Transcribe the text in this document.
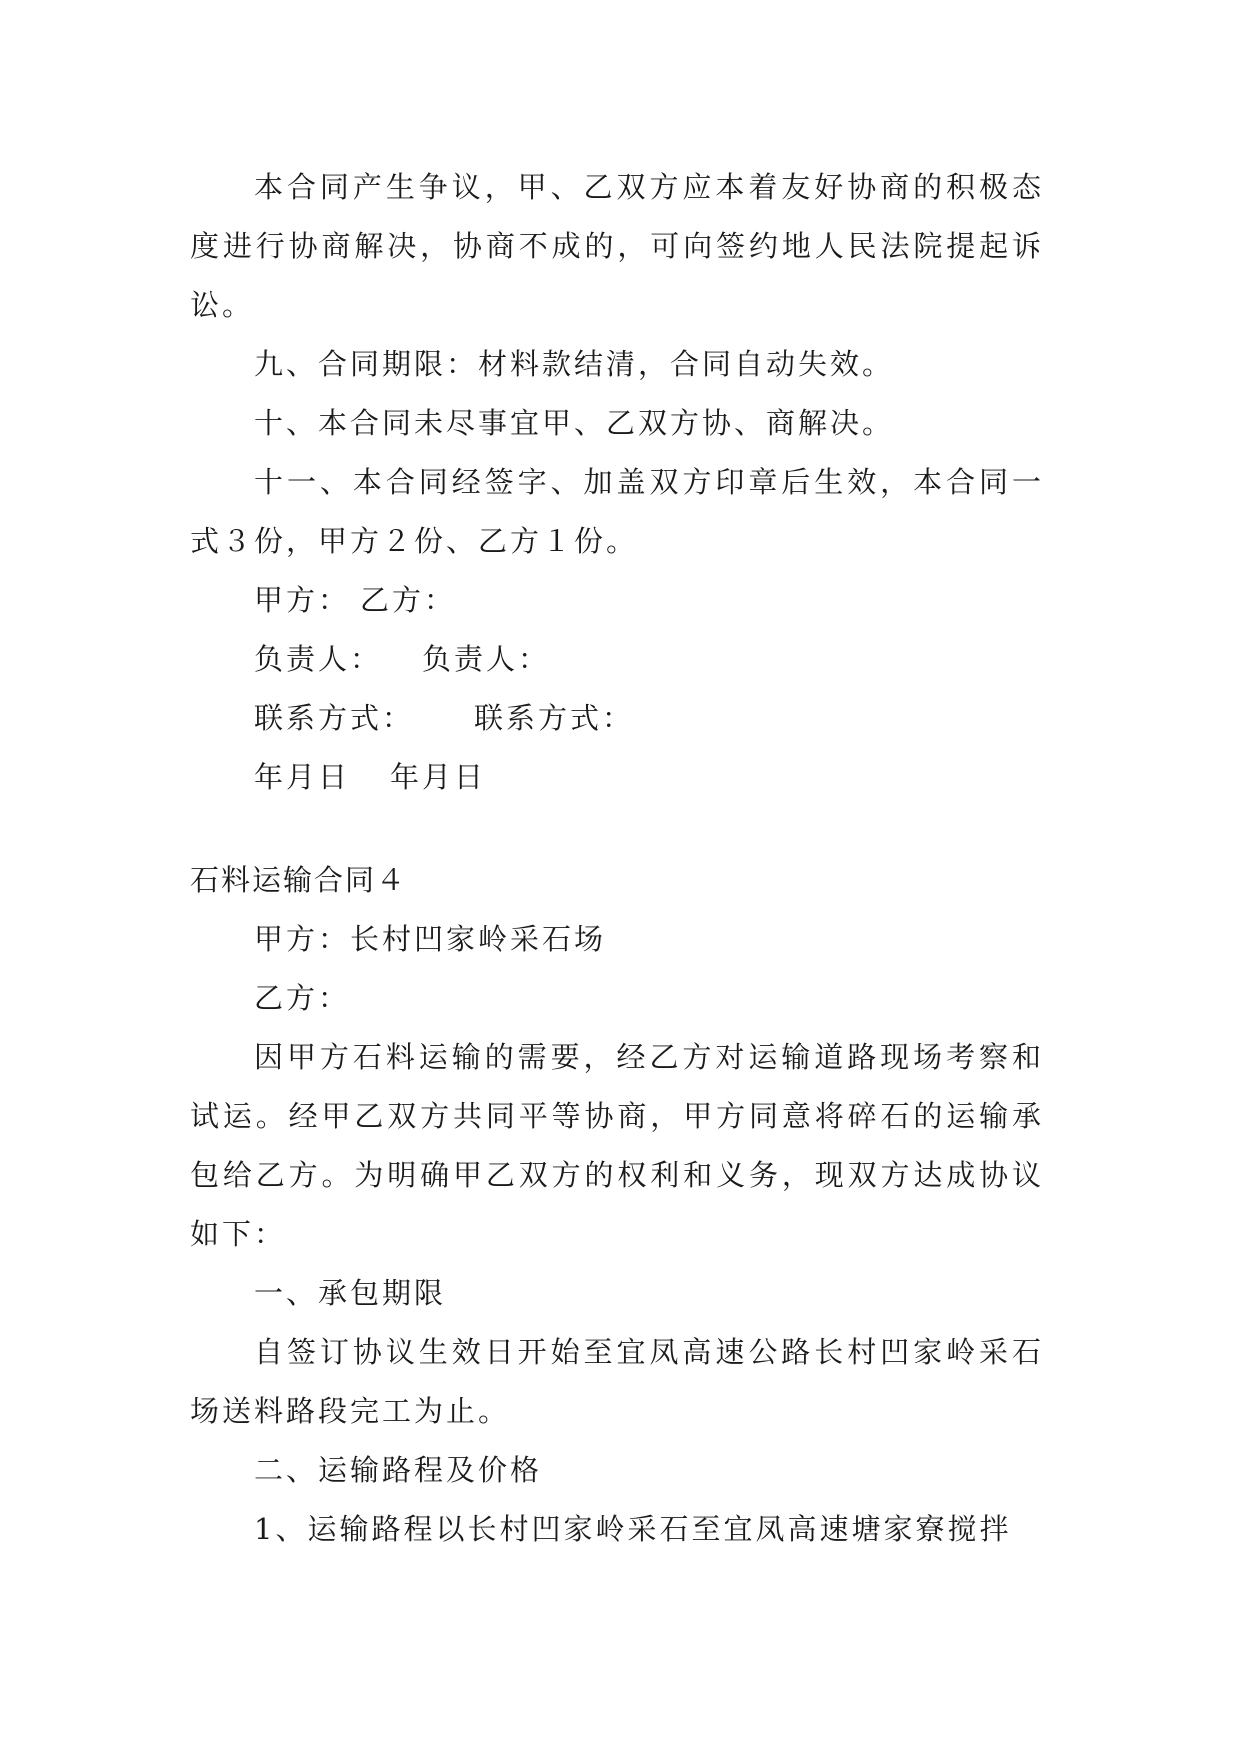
本合同产生争议，甲、乙双方应本着友好协商的积极态度进行协商解决，协商不成的，可向签约地人民法院提起诉讼。

九、合同期限：材料款结清，合同自动失效。

十、本合同未尽事宜甲、乙双方协、商解决。

十一、本合同经签字、加盖双方印章后生效，本合同一式３份，甲方２份、乙方１份。

甲方： 乙方：

负责人： 负责人：

联系方式： 联系方式：

年月日 年月日

石料运输合同４

甲方：长村凹家岭采石场

乙方：

因甲方石料运输的需要，经乙方对运输道路现场考察和试运。经甲乙双方共同平等协商，甲方同意将碎石的运输承包给乙方。为明确甲乙双方的权利和义务，现双方达成协议如下：

一、承包期限

自签订协议生效日开始至宜凤高速公路长村凹家岭采石场送料路段完工为止。

二、运输路程及价格

1、运输路程以长村凹家岭采石至宜凤高速塘家寮搅拌
